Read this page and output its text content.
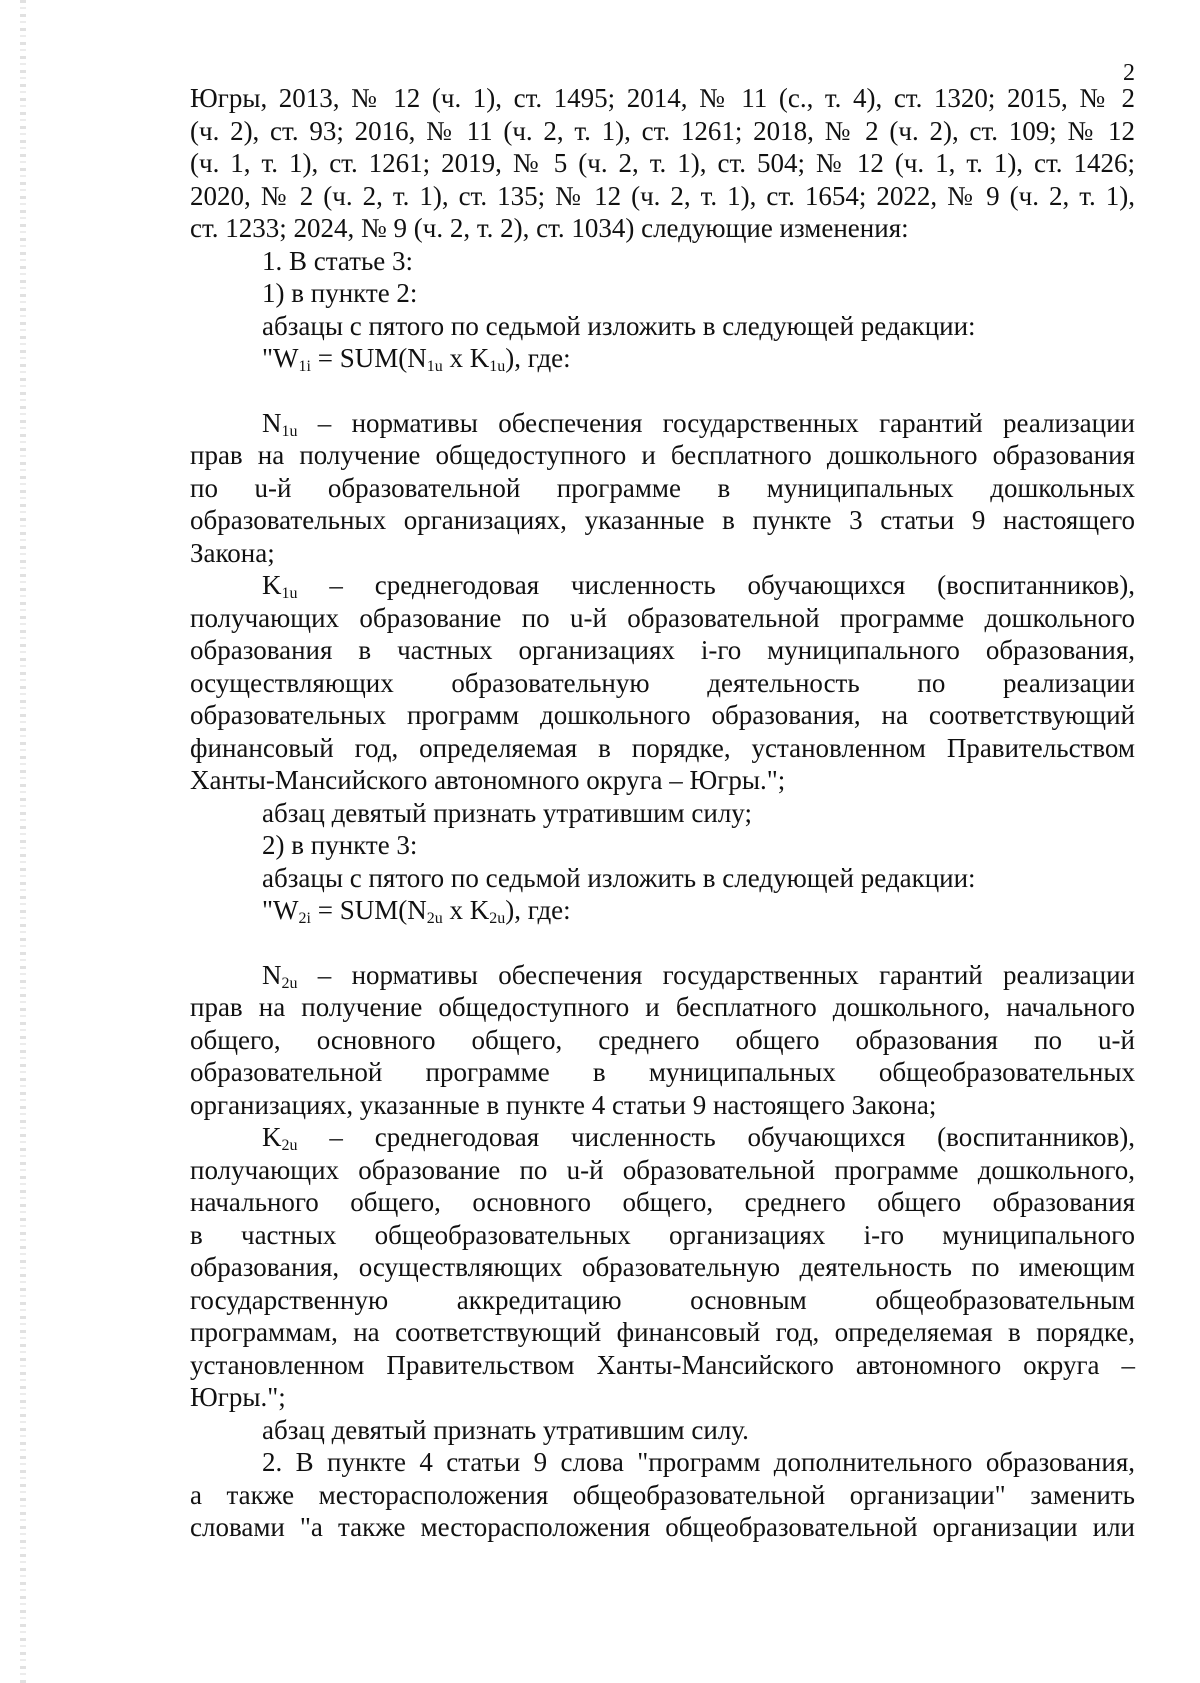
2

Югры, 2013, № 12 (ч. 1), ст. 1495; 2014, № 11 (с., т. 4), ст. 1320; 2015, № 2

(ч. 2), ст. 93; 2016, № 11 (ч. 2, т. 1), ст. 1261; 2018, № 2 (ч. 2), ст. 109; № 12

(ч. 1, т. 1), ст. 1261; 2019, № 5 (ч. 2, т. 1), ст. 504; № 12 (ч. 1, т. 1), ст. 1426;

2020, № 2 (ч. 2, т. 1), ст. 135; № 12 (ч. 2, т. 1), ст. 1654; 2022, № 9 (ч. 2, т. 1),

ст. 1233; 2024, № 9 (ч. 2, т. 2), ст. 1034) следующие изменения:

1. В статье 3:

1) в пункте 2:

абзацы с пятого по седьмой изложить в следующей редакции:

"$W_{1i} = SUM(N_{1u}$ x $K_{1u}$), где:

$N_{1u}$ – нормативы обеспечения государственных гарантий реализации

прав на получение общедоступного и бесплатного дошкольного образования

по u-й образовательной программе в муниципальных дошкольных

образовательных организациях, указанные в пункте 3 статьи 9 настоящего

Закона;

$K_{1u}$ – среднегодовая численность обучающихся (воспитанников),

получающих образование по u-й образовательной программе дошкольного

образования в частных организациях i-го муниципального образования,

осуществляющих образовательную деятельность по реализации

образовательных программ дошкольного образования, на соответствующий

финансовый год, определяемая в порядке, установленном Правительством

Ханты-Мансийского автономного округа – Югры.";

абзац девятый признать утратившим силу;

2) в пункте 3:

абзацы с пятого по седьмой изложить в следующей редакции:

"$W_{2i} = SUM(N_{2u}$ x $K_{2u}$), где:

$N_{2u}$ – нормативы обеспечения государственных гарантий реализации

прав на получение общедоступного и бесплатного дошкольного, начального

общего, основного общего, среднего общего образования по u-й

образовательной программе в муниципальных общеобразовательных

организациях, указанные в пункте 4 статьи 9 настоящего Закона;

$K_{2u}$ – среднегодовая численность обучающихся (воспитанников),

получающих образование по u-й образовательной программе дошкольного,

начального общего, основного общего, среднего общего образования

в частных общеобразовательных организациях i-го муниципального

образования, осуществляющих образовательную деятельность по имеющим

государственную аккредитацию основным общеобразовательным

программам, на соответствующий финансовый год, определяемая в порядке,

установленном Правительством Ханты-Мансийского автономного округа –

Югры.";

абзац девятый признать утратившим силу.

2. В пункте 4 статьи 9 слова "программ дополнительного образования,

а также месторасположения общеобразовательной организации" заменить

словами "а также месторасположения общеобразовательной организации или
